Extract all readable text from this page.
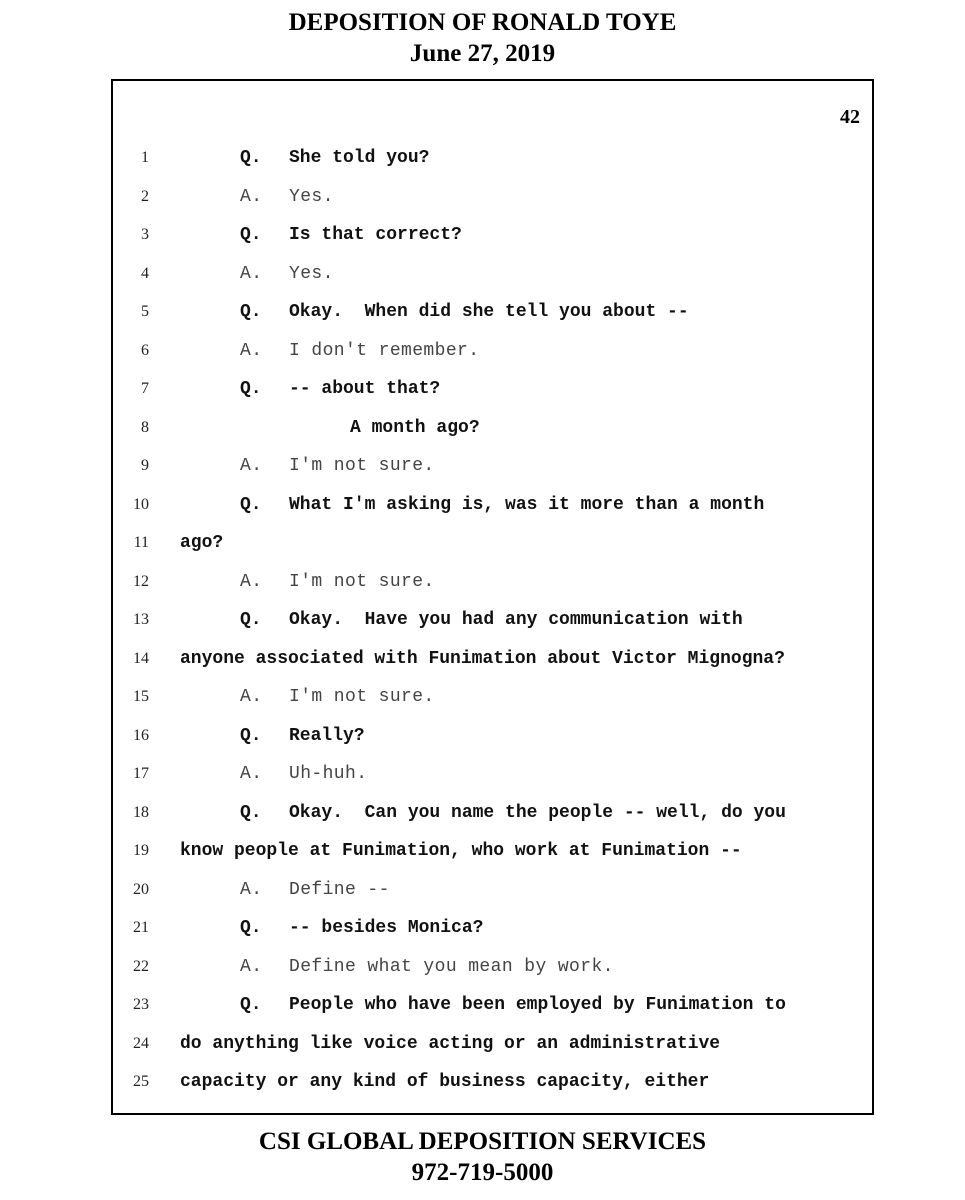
DEPOSITION OF RONALD TOYE
June 27, 2019
42
1	Q. She told you?
2	A. Yes.
3	Q. Is that correct?
4	A. Yes.
5	Q. Okay.  When did she tell you about --
6	A. I don't remember.
7	Q. -- about that?
8	A month ago?
9	A. I'm not sure.
10	Q. What I'm asking is, was it more than a month
11 ago?
12	A. I'm not sure.
13	Q. Okay.  Have you had any communication with
14 anyone associated with Funimation about Victor Mignogna?
15	A. I'm not sure.
16	Q. Really?
17	A. Uh-huh.
18	Q. Okay.  Can you name the people -- well, do you
19 know people at Funimation, who work at Funimation --
20	A. Define --
21	Q. -- besides Monica?
22	A. Define what you mean by work.
23	Q. People who have been employed by Funimation to
24 do anything like voice acting or an administrative
25 capacity or any kind of business capacity, either
CSI GLOBAL DEPOSITION SERVICES
972-719-5000
